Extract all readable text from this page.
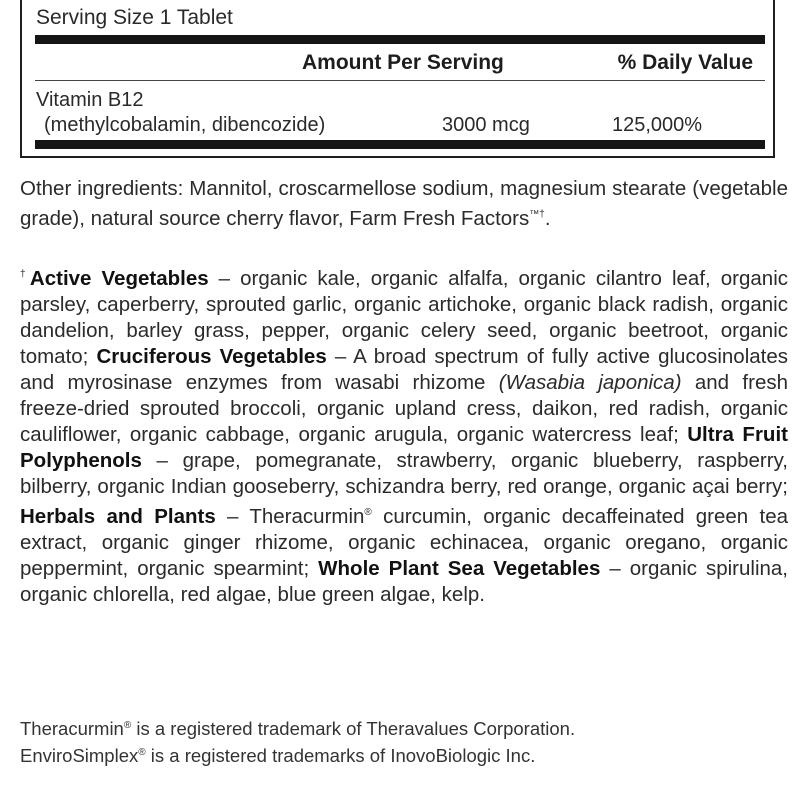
Serving Size 1 Tablet
Amount Per Serving	% Daily Value
Vitamin B12
(methylcobalamin, dibencozide)	3000 mcg	125,000%
Other ingredients: Mannitol, croscarmellose sodium, magnesium stearate (vegetable grade), natural source cherry flavor, Farm Fresh Factors™†.
†Active Vegetables – organic kale, organic alfalfa, organic cilantro leaf, organic parsley, caperberry, sprouted garlic, organic artichoke, organic black radish, organic dandelion, barley grass, pepper, organic celery seed, organic beetroot, organic tomato; Cruciferous Vegetables – A broad spectrum of fully active glucosinolates and myrosinase enzymes from wasabi rhizome (Wasabia japonica) and fresh freeze-dried sprouted broccoli, organic upland cress, daikon, red radish, organic cauliflower, organic cabbage, organic arugula, organic watercress leaf; Ultra Fruit Polyphenols – grape, pomegranate, strawberry, organic blueberry, raspberry, bilberry, organic Indian gooseberry, schizandra berry, red orange, organic açai berry; Herbals and Plants – Theracurmin® curcumin, organic decaffeinated green tea extract, organic ginger rhizome, organic echinacea, organic oregano, organic peppermint, organic spearmint; Whole Plant Sea Vegetables – organic spirulina, organic chlorella, red algae, blue green algae, kelp.
Theracurmin® is a registered trademark of Theravalues Corporation.
EnviroSimplex® is a registered trademarks of InovoBiologic Inc.
